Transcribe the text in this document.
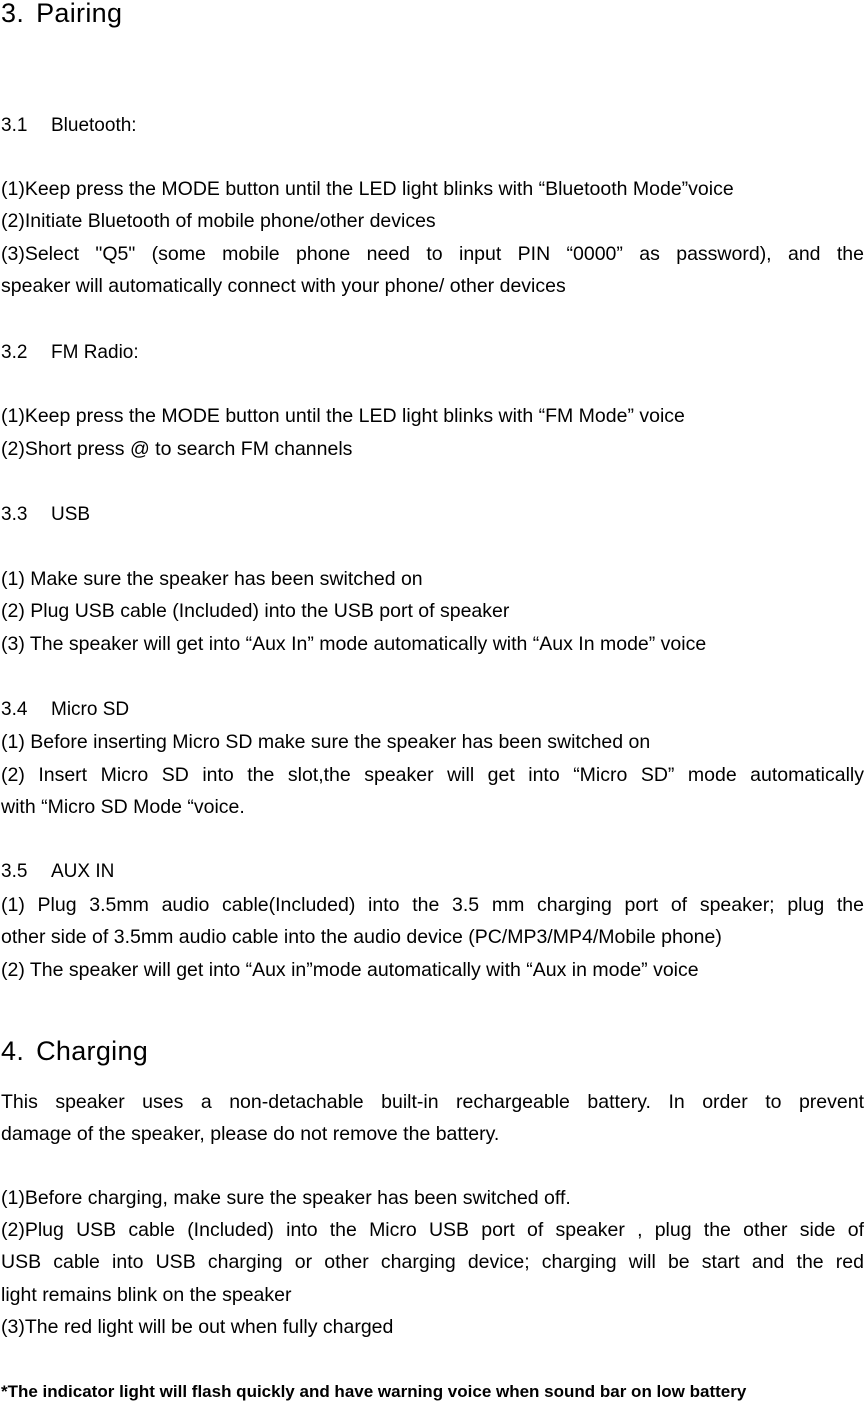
3. Pairing
3.1 Bluetooth:
(1)Keep press the MODE button until the LED light blinks with “Bluetooth Mode”voice
(2)Initiate Bluetooth of mobile phone/other devices
(3)Select "Q5" (some mobile phone need to input PIN “0000” as password), and the
speaker will automatically connect with your phone/ other devices
3.2 FM Radio:
(1)Keep press the MODE button until the LED light blinks with “FM Mode” voice
(2)Short press @ to search FM channels
3.3 USB
(1) Make sure the speaker has been switched on
(2) Plug USB cable (Included) into the USB port of speaker
(3) The speaker will get into “Aux In” mode automatically with “Aux In mode” voice
3.4 Micro SD
(1) Before inserting Micro SD make sure the speaker has been switched on
(2) Insert Micro SD into the slot,the speaker will get into “Micro SD” mode automatically
with “Micro SD Mode “voice.
3.5 AUX IN
(1) Plug 3.5mm audio cable(Included) into the 3.5 mm charging port of speaker; plug the
other side of 3.5mm audio cable into the audio device (PC/MP3/MP4/Mobile phone)
(2) The speaker will get into “Aux in”mode automatically with “Aux in mode” voice
4. Charging
This speaker uses a non-detachable built-in rechargeable battery. In order to prevent
damage of the speaker, please do not remove the battery.
(1)Before charging, make sure the speaker has been switched off.
(2)Plug USB cable (Included) into the Micro USB port of speaker , plug the other side of
USB cable into USB charging or other charging device; charging will be start and the red
light remains blink on the speaker
(3)The red light will be out when fully charged
*The indicator light will flash quickly and have warning voice when sound bar on low battery
